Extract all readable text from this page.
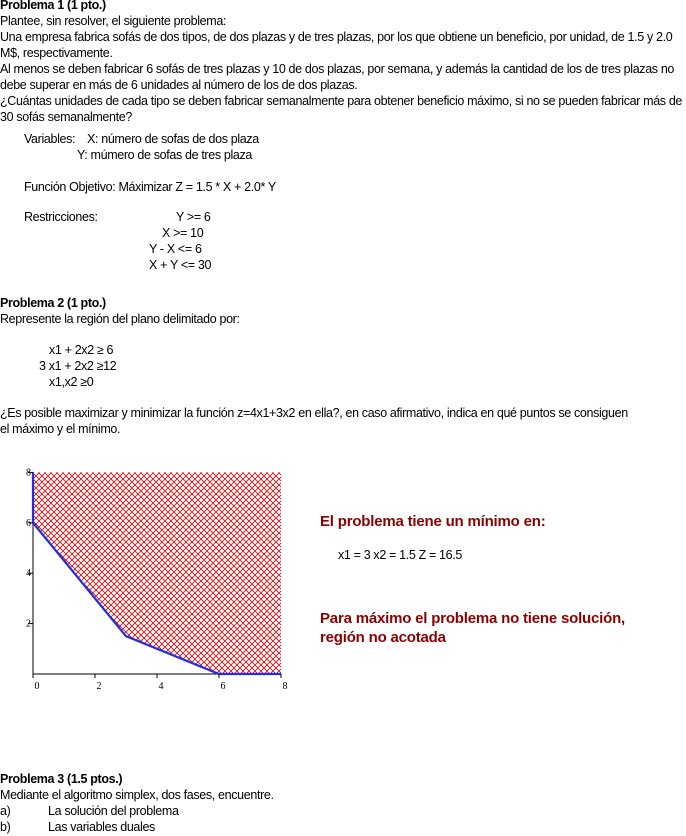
Problema 1 (1 pto.)
Plantee, sin resolver, el siguiente problema:
Una empresa fabrica sofás de dos tipos, de dos plazas y de tres plazas, por los que obtiene un beneficio, por unidad, de 1.5 y 2.0
M$, respectivamente.
Al menos se deben fabricar 6 sofás de tres plazas y 10 de dos plazas, por semana, y además la cantidad de los de tres plazas no
debe superar en más de 6 unidades al número de los de dos plazas.
¿Cuántas unidades de cada tipo se deben fabricar semanalmente para obtener beneficio máximo, si no se pueden fabricar más de
30 sofás semanalmente?
Variables: X: número de sofas de dos plaza
Y: múmero de sofas de tres plaza
Función Objetivo: Máximizar Z = 1.5 * X + 2.0* Y
Restricciones:	Y >= 6
X >= 10
Y - X <= 6
X + Y <= 30
Problema 2 (1 pto.)
Represente la región del plano delimitado por:
x1 + 2x2 ≥ 6
3 x1 + 2x2 ≥12
x1,x2 ≥0
¿Es posible maximizar y minimizar la función z=4x1+3x2 en ella?, en caso afirmativo, indica en qué puntos se consiguen
el máximo y el mínimo.
0	2	4	6	8
2
4
6
8
El problema tiene un mínimo en:
x1 = 3 x2 = 1.5 Z = 16.5
Para máximo el problema no tiene solución,
región no acotada
Problema 3 (1.5 ptos.)
Mediante el algoritmo simplex, dos fases, encuentre.
a)	La solución del problema
b)	Las variables duales
